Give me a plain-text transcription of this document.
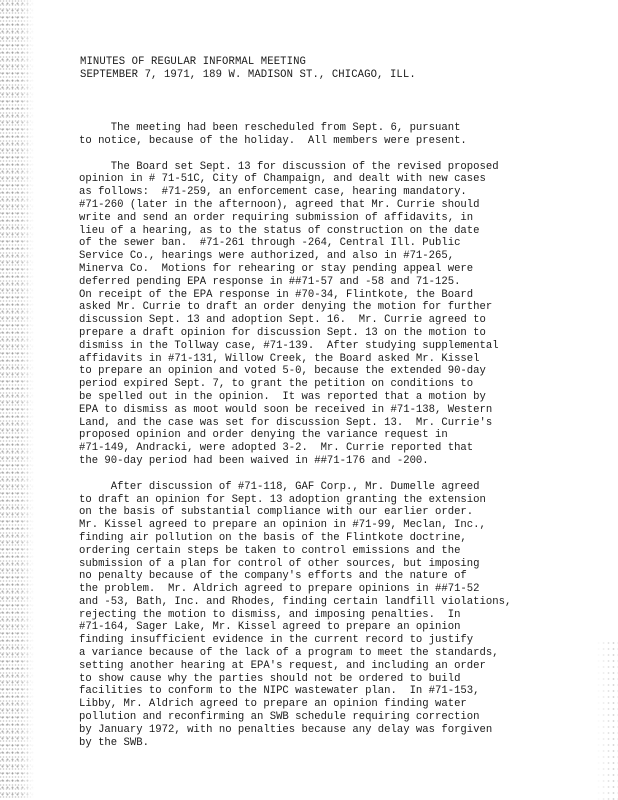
MINUTES OF REGULAR INFORMAL MEETING
SEPTEMBER 7, 1971, 189 W. MADISON ST., CHICAGO, ILL.
The meeting had been rescheduled from Sept. 6, pursuant
to notice, because of the holiday.  All members were present.
The Board set Sept. 13 for discussion of the revised proposed
opinion in # 71-51C, City of Champaign, and dealt with new cases
as follows:  #71-259, an enforcement case, hearing mandatory.
#71-260 (later in the afternoon), agreed that Mr. Currie should
write and send an order requiring submission of affidavits, in
lieu of a hearing, as to the status of construction on the date
of the sewer ban.  #71-261 through -264, Central Ill. Public
Service Co., hearings were authorized, and also in #71-265,
Minerva Co.  Motions for rehearing or stay pending appeal were
deferred pending EPA response in ##71-57 and -58 and 71-125.
On receipt of the EPA response in #70-34, Flintkote, the Board
asked Mr. Currie to draft an order denying the motion for further
discussion Sept. 13 and adoption Sept. 16.  Mr. Currie agreed to
prepare a draft opinion for discussion Sept. 13 on the motion to
dismiss in the Tollway case, #71-139.  After studying supplemental
affidavits in #71-131, Willow Creek, the Board asked Mr. Kissel
to prepare an opinion and voted 5-0, because the extended 90-day
period expired Sept. 7, to grant the petition on conditions to
be spelled out in the opinion.  It was reported that a motion by
EPA to dismiss as moot would soon be received in #71-138, Western
Land, and the case was set for discussion Sept. 13.  Mr. Currie's
proposed opinion and order denying the variance request in
#71-149, Andracki, were adopted 3-2.  Mr. Currie reported that
the 90-day period had been waived in ##71-176 and -200.
After discussion of #71-118, GAF Corp., Mr. Dumelle agreed
to draft an opinion for Sept. 13 adoption granting the extension
on the basis of substantial compliance with our earlier order.
Mr. Kissel agreed to prepare an opinion in #71-99, Meclan, Inc.,
finding air pollution on the basis of the Flintkote doctrine,
ordering certain steps be taken to control emissions and the
submission of a plan for control of other sources, but imposing
no penalty because of the company's efforts and the nature of
the problem.  Mr. Aldrich agreed to prepare opinions in ##71-52
and -53, Bath, Inc. and Rhodes, finding certain landfill violations,
rejecting the motion to dismiss, and imposing penalties.  In
#71-164, Sager Lake, Mr. Kissel agreed to prepare an opinion
finding insufficient evidence in the current record to justify
a variance because of the lack of a program to meet the standards,
setting another hearing at EPA's request, and including an order
to show cause why the parties should not be ordered to build
facilities to conform to the NIPC wastewater plan.  In #71-153,
Libby, Mr. Aldrich agreed to prepare an opinion finding water
pollution and reconfirming an SWB schedule requiring correction
by January 1972, with no penalties because any delay was forgiven
by the SWB.
